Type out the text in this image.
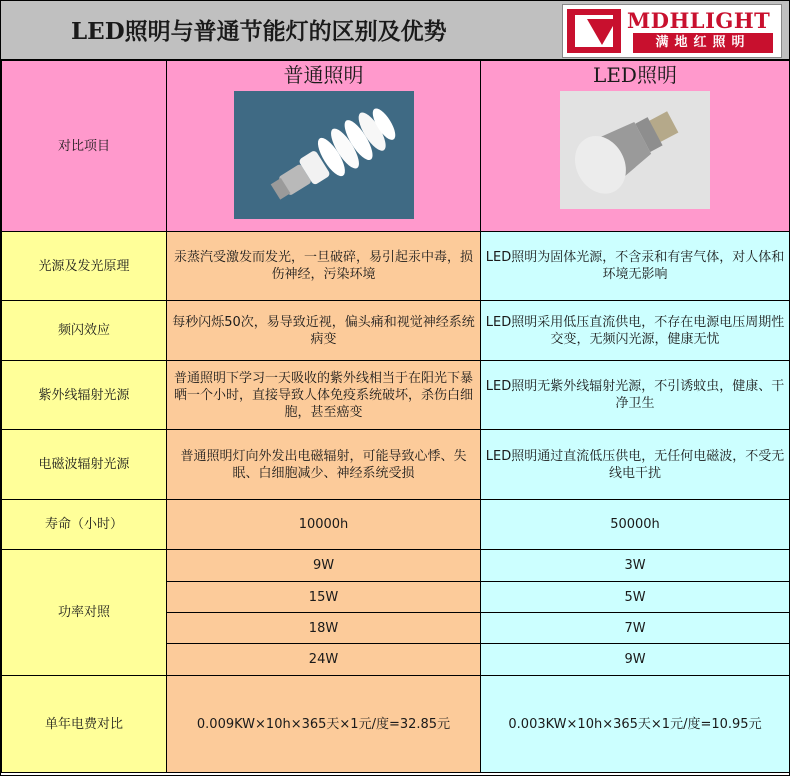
LED照明与普通节能灯的区别及优势	MDHLIGHT
满地红照明
对比项目	普通照明	LED照明

光源及发光原理	汞蒸汽受激发而发光，一旦破碎，易引起汞中毒，损伤神经，污染环境	LED照明为固体光源，不含汞和有害气体，对人体和环境无影响
频闪效应	每秒闪烁50次，易导致近视，偏头痛和视觉神经系统病变	LED照明采用低压直流供电，不存在电源电压周期性交变，无频闪光源，健康无忧
紫外线辐射光源	普通照明下学习一天吸收的紫外线相当于在阳光下暴晒一个小时，直接导致人体免疫系统破坏，杀伤白细胞，甚至癌变	LED照明无紫外线辐射光源，不引诱蚊虫，健康、干净卫生
电磁波辐射光源	普通照明灯向外发出电磁辐射，可能导致心悸、失眠、白细胞减少、神经系统受损	LED照明通过直流低压供电，无任何电磁波，不受无线电干扰
寿命（小时）	10000h	50000h
功率对照	9W	3W
	15W	5W
	18W	7W
	24W	9W
单年电费对比	0.009KW×10h×365天×1元/度=32.85元	0.003KW×10h×365天×1元/度=10.95元
